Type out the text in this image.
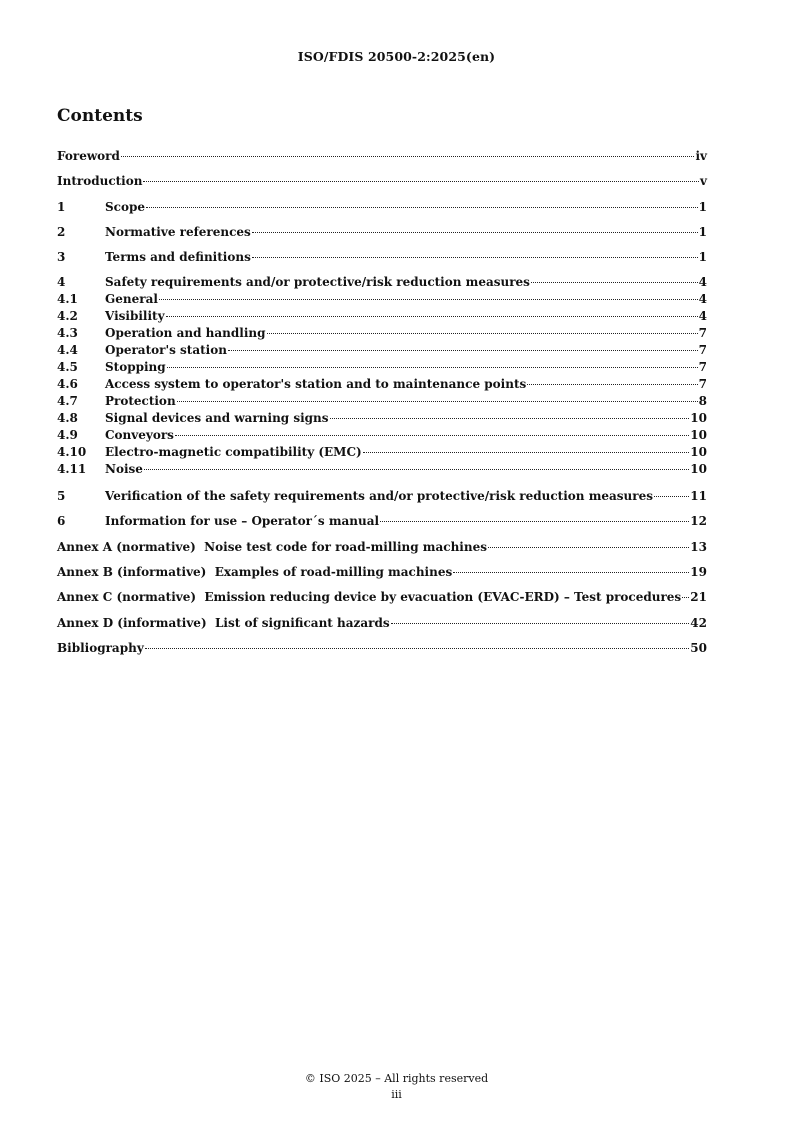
ISO/FDIS 20500-2:2025(en)
Contents
Foreword	iv
Introduction	v
1	Scope	1
2	Normative references	1
3	Terms and definitions	1
4	Safety requirements and/or protective/risk reduction measures	4
4.1	General	4
4.2	Visibility	4
4.3	Operation and handling	7
4.4	Operator's station	7
4.5	Stopping	7
4.6	Access system to operator's station and to maintenance points	7
4.7	Protection	8
4.8	Signal devices and warning signs	10
4.9	Conveyors	10
4.10	Electro-magnetic compatibility (EMC)	10
4.11	Noise	10
5	Verification of the safety requirements and/or protective/risk reduction measures	11
6	Information for use – Operator´s manual	12
Annex A (normative)  Noise test code for road-milling machines	13
Annex B (informative)  Examples of road-milling machines	19
Annex C (normative)  Emission reducing device by evacuation (EVAC-ERD) – Test procedures 21
Annex D (informative)  List of significant hazards	42
Bibliography	50
© ISO 2025 – All rights reserved
iii
